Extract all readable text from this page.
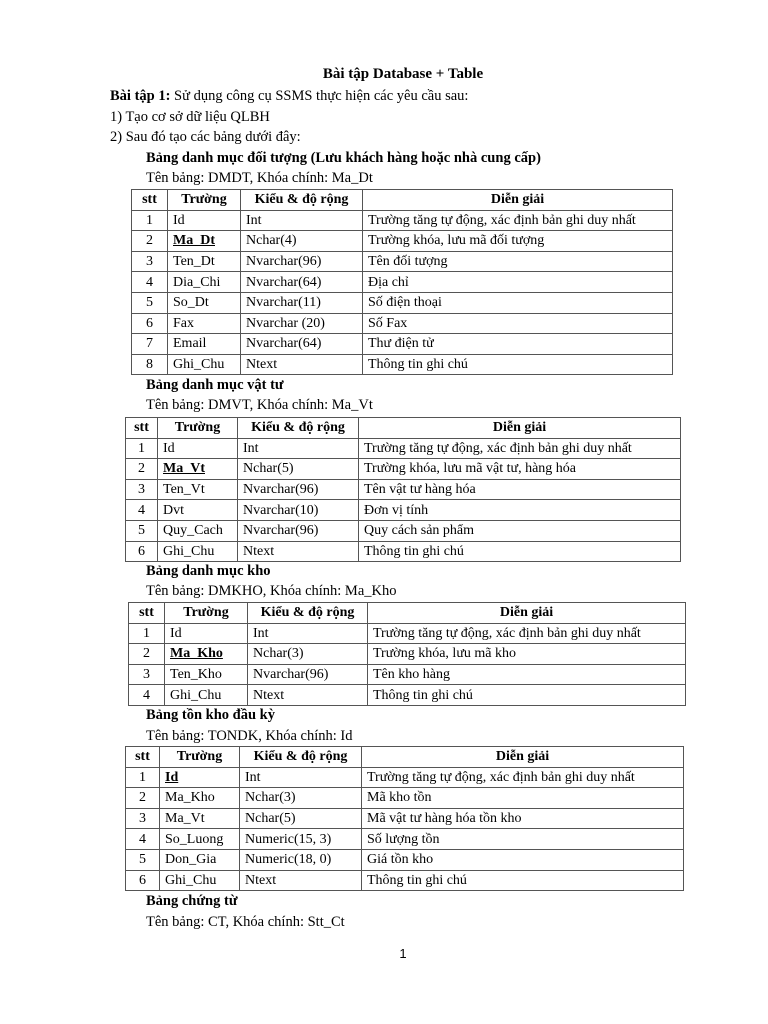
Bài tập Database + Table
Bài tập 1: Sử dụng công cụ SSMS thực hiện các yêu cầu sau:
1) Tạo cơ sở dữ liệu QLBH
2) Sau đó tạo các bảng dưới đây:
Bảng danh mục đối tượng (Lưu khách hàng hoặc nhà cung cấp)
Tên bảng: DMDT, Khóa chính: Ma_Dt
stt	Trường	Kiểu & độ rộng	Diễn giải
1	Id	Int	Trường tăng tự động, xác định bản ghi duy nhất
2	Ma_Dt	Nchar(4)	Trường khóa, lưu mã đối tượng
3	Ten_Dt	Nvarchar(96)	Tên đối tượng
4	Dia_Chi	Nvarchar(64)	Địa chỉ
5	So_Dt	Nvarchar(11)	Số điện thoại
6	Fax	Nvarchar (20)	Số Fax
7	Email	Nvarchar(64)	Thư điện tử
8	Ghi_Chu	Ntext	Thông tin ghi chú
Bảng danh mục vật tư
Tên bảng: DMVT, Khóa chính: Ma_Vt
stt	Trường	Kiểu & độ rộng	Diễn giải
1	Id	Int	Trường tăng tự động, xác định bản ghi duy nhất
2	Ma_Vt	Nchar(5)	Trường khóa, lưu mã vật tư, hàng hóa
3	Ten_Vt	Nvarchar(96)	Tên vật tư hàng hóa
4	Dvt	Nvarchar(10)	Đơn vị tính
5	Quy_Cach	Nvarchar(96)	Quy cách sản phẩm
6	Ghi_Chu	Ntext	Thông tin ghi chú
Bảng danh mục kho
Tên bảng: DMKHO, Khóa chính: Ma_Kho
stt	Trường	Kiểu & độ rộng	Diễn giải
1	Id	Int	Trường tăng tự động, xác định bản ghi duy nhất
2	Ma_Kho	Nchar(3)	Trường khóa, lưu mã kho
3	Ten_Kho	Nvarchar(96)	Tên kho hàng
4	Ghi_Chu	Ntext	Thông tin ghi chú
Bảng tồn kho đầu kỳ
Tên bảng: TONDK, Khóa chính: Id
stt	Trường	Kiểu & độ rộng	Diễn giải
1	Id	Int	Trường tăng tự động, xác định bản ghi duy nhất
2	Ma_Kho	Nchar(3)	Mã kho tồn
3	Ma_Vt	Nchar(5)	Mã vật tư hàng hóa tồn kho
4	So_Luong	Numeric(15, 3)	Số lượng tồn
5	Don_Gia	Numeric(18, 0)	Giá tồn kho
6	Ghi_Chu	Ntext	Thông tin ghi chú
Bảng chứng từ
Tên bảng: CT, Khóa chính: Stt_Ct
1
